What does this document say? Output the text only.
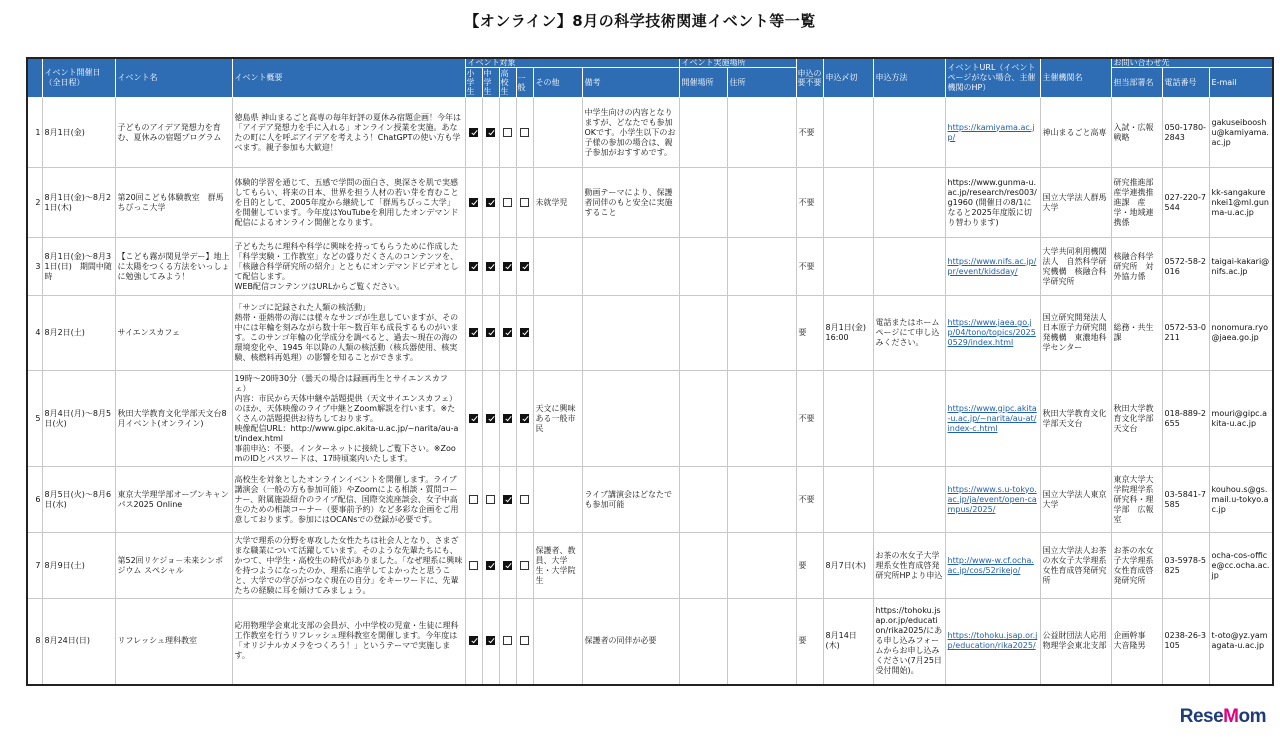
【オンライン】8月の科学技術関連イベント等一覧
	イベント開催日（全日程）	イベント名	イベント概要	イベント対象						イベント実施場所		申込の要不要	申込〆切	申込方法	イベントURL（イベントページがない場合、主催機関のHP）	主催機関名	お問い合わせ先		
				小学生	中学生	高校生	一般	その他	備考	開催場所	住所						担当部署名	電話番号	E-mail
1	8月1日(金)	子どものアイデア発想力を育む、夏休みの宿題プログラム	徳島県 神山まるごと高専の毎年好評の夏休み宿題企画！今年は「アイデア発想力を手に入れる」オンライン授業を実施。あなたの町に人を呼ぶアイデアを考えよう！ChatGPTの使い方も学べます。親子参加も大歓迎！						中学生向けの内容となりますが、どなたでも参加OKです。小学生以下のお子様の参加の場合は、親子参加がおすすめです。			不要			https://kamiyama.ac.jp/	神山まるごと高専	入試・広報戦略	050-1780-2843	gakuseibooshu@kamiyama.ac.jp
2	8月1日(金)～8月21日(木)	第20回こども体験教室　群馬ちびっこ大学	体験的学習を通じて、五感で学問の面白さ、奥深さを肌で実感してもらい、将来の日本、世界を担う人材の若い芽を育むことを目的として、2005年度から継続して「群馬ちびっこ大学」を開催しています。今年度はYouTubeを利用したオンデマンド配信によるオンライン開催となります。					未就学児	動画テーマにより、保護者同伴のもと安全に実施すること			不要			https://www.gunma-u.ac.jp/research/res003/g1960 (開催日の8/1になると2025年度版に切り替わります)	国立大学法人群馬大学	研究推進部産学連携推進課　産学・地域連携係	027-220-7544	kk-sangakurenkei1@ml.gunma-u.ac.jp
3	8月1日(金)～8月31日(日)　期間中随時	【こども霧が関見学デー】地上に太陽をつくる方法をいっしょに勉強してみよう！	子どもたちに理科や科学に興味を持ってもらうために作成した「科学実験・工作教室」などの盛りだくさんのコンテンツを、「核融合科学研究所の紹介」とともにオンデマンドビデオとして配信します。
WEB配信コンテンツはURLからご覧ください。									不要			https://www.nifs.ac.jp/pr/event/kidsday/	大学共同利用機関法人　自然科学研究機構　核融合科学研究所	核融合科学研究所　対外協力係	0572-58-2016	taigai-kakari@nifs.ac.jp
4	8月2日(土)	サイエンスカフェ	「サンゴに記録された人類の核活動」
熱帯・亜熱帯の海には様々なサンゴが生息していますが、その中には年輪を刻みながら数十年～数百年も成長するものがいます。このサンゴ年輪の化学成分を調べると、過去～現在の海の環境変化や、1945 年以降の人類の核活動（核兵器使用、核実験、核燃料再処理）の影響を知ることができます。									要	8月1日(金)16:00	電話またはホームページにて申し込みください。	https://www.jaea.go.jp/04/tono/topics/20250529/index.html	国立研究開発法人日本原子力研究開発機構　東濃地科学センター	総務・共生課	0572-53-0211	nonomura.ryo@jaea.go.jp
5	8月4日(月)～8月5日(火)	秋田大学教育文化学部天文台8月イベント(オンライン)	19時～20時30分（曇天の場合は録画再生とサイエンスカフェ）
内容：市民から天体中継や話題提供（天文サイエンスカフェ）のほか、天体映像のライブ中継とZoom解説を行います。※たくさんの話題提供お待ちしております。
映像配信URL：http://www.gipc.akita-u.ac.jp/~narita/au-at/index.html
事前申込：不要。インターネットに接続しご覧下さい。※ZoomのIDとパスワードは、17時頃案内いたします。					天文に興味ある一般市民				不要			https://www.gipc.akita-u.ac.jp/~narita/au-at/index-c.html	秋田大学教育文化学部天文台	秋田大学教育文化学部天文台	018-889-2655	mouri@gipc.akita-u.ac.jp
6	8月5日(火)～8月6日(水)	東京大学理学部オープンキャンパス2025 Online	高校生を対象としたオンラインイベントを開催します。ライブ講演会（一般の方も参加可能）やZoomによる相談・質問コーナー、附属施設紹介のライブ配信、国際交流座談会、女子中高生のための相談コーナー（要事前予約）など多彩な企画をご用意しております。参加にはOCANsでの登録が必要です。						ライブ講演会はどなたでも参加可能			不要			https://www.s.u-tokyo.ac.jp/ja/event/open-campus/2025/	国立大学法人東京大学	東京大学大学院理学系研究科・理学部　広報室	03-5841-7585	kouhou.s@gs.mail.u-tokyo.ac.jp
7	8月9日(土)	第52回リケジョ－未来シンポジウム スペシャル	大学で理系の分野を専攻した女性たちは社会人となり、さまざまな職業について活躍しています。そのような先輩たちにも、かつて、中学生・高校生の時代がありました。「なぜ理系に興味を持つようになったのか、理系に進学してよかったと思うこと、大学での学びがつなぐ現在の自分」をキーワードに、先輩たちの経験に耳を傾けてみましょう。					保護者、教員、大学生・大学院生				要	8月7日(木)	お茶の水女子大学理系女性育成啓発研究所HPより申込	http://www-w.cf.ocha.ac.jp/cos/52rikejo/	国立大学法人お茶の水女子大学理系女性育成啓発研究所	お茶の水女子大学理系女性育成啓発研究所	03-5978-5825	ocha-cos-office@cc.ocha.ac.jp
8	8月24日(日)	リフレッシュ理科教室	応用物理学会東北支部の会員が、小中学校の児童・生徒に理科工作教室を行うリフレッシュ理科教室を開催します。今年度は「オリジナルカメラをつくろう！」というテーマで実施します。						保護者の同伴が必要			要	8月14日(木)	https://tohoku.jsap.or.jp/education/rika2025/にある申し込みフォームからお申し込みください(7月25日受付開始)。	https://tohoku.jsap.or.jp/education/rika2025/	公益財団法人応用物理学会東北支部	企画幹事　大音隆男	0238-26-3105	t-oto@yz.yamagata-u.ac.jp
ReseMom
